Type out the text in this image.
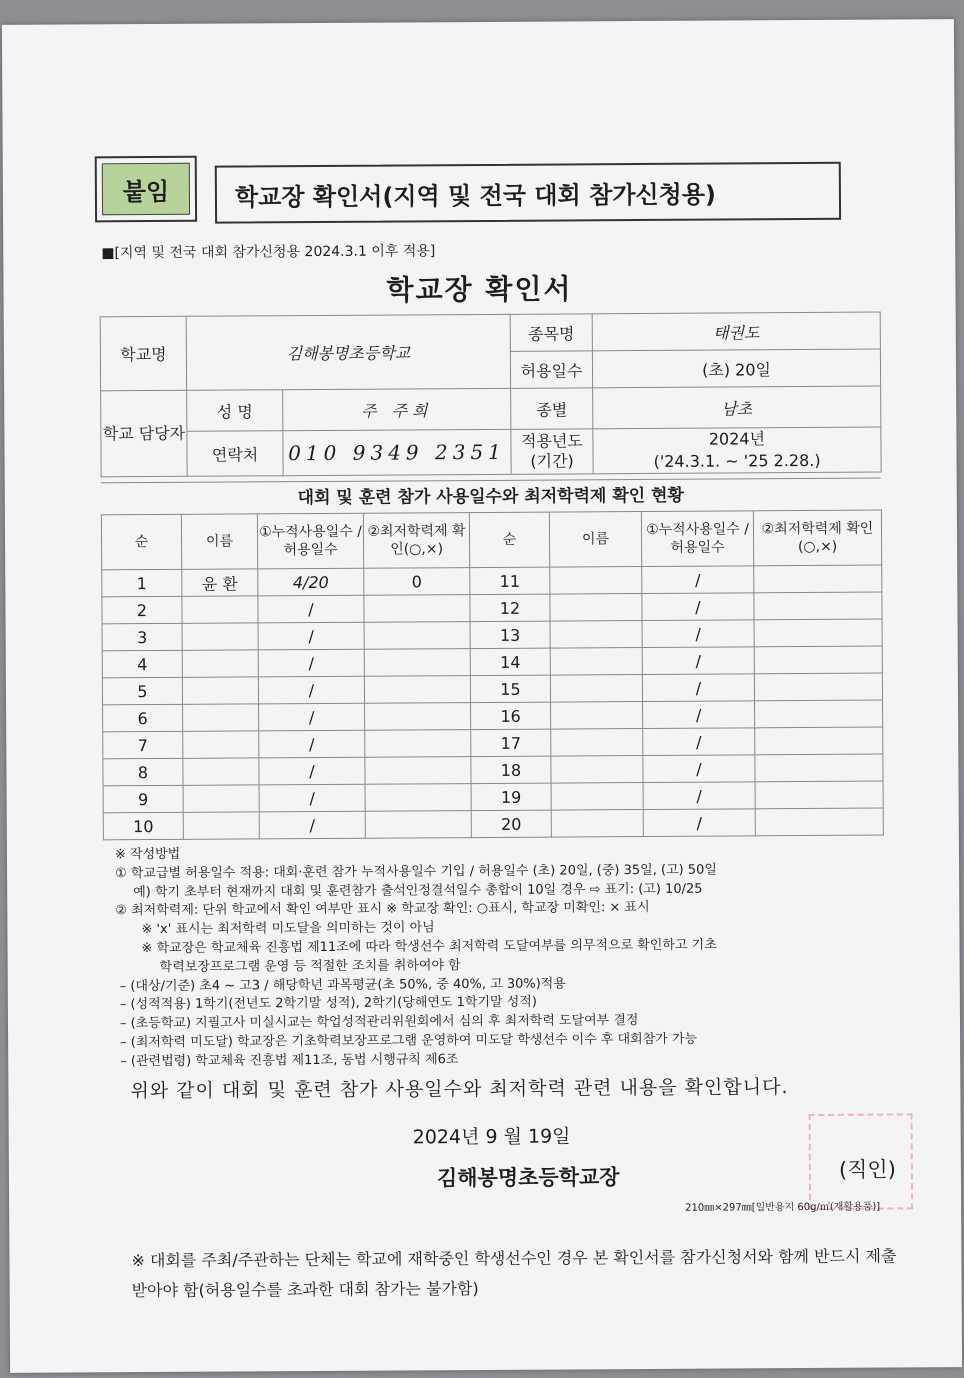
붙임	학교장 확인서(지역 및 전국 대회 참가신청용)
■[지역 및 전국 대회 참가신청용 2024.3.1 이후 적용]
학교장 확인서
학교명	김해봉명초등학교		종목명	태권도
			허용일수	(초) 20일
학교 담당자	성 명	주 주희	종별	남초
	연락처	010 9349 2351	적용년도 (기간)	2024년
('24.3.1. ~ '25 2.28.)
대회 및 훈련 참가 사용일수와 최저학력제 확인 현황
순	이름	①누적사용일수 /허용일수	②최저학력제 확인(○,×)	순	이름	①누적사용일수 /허용일수	②최저학력제 확인(○,×)
1	윤 환	4/20	0	11		/	
2		/		12		/	
3		/		13		/	
4		/		14		/	
5		/		15		/	
6		/		16		/	
7		/		17		/	
8		/		18		/	
9		/		19		/	
10		/		20		/	
※ 작성방법
① 학교급별 허용일수 적용: 대회·훈련 참가 누적사용일수 기입 / 허용일수 (초) 20일, (중) 35일, (고) 50일
예) 학기 초부터 현재까지 대회 및 훈련참가 출석인정결석일수 총합이 10일 경우 ⇨ 표기: (고) 10/25
② 최저학력제: 단위 학교에서 확인 여부만 표시 ※ 학교장 확인: ○표시, 학교장 미확인: × 표시
※ 'x' 표시는 최저학력 미도달을 의미하는 것이 아님
※ 학교장은 학교체육 진흥법 제11조에 따라 학생선수 최저학력 도달여부를 의무적으로 확인하고 기초
학력보장프로그램 운영 등 적절한 조치를 취하여야 함
– (대상/기준) 초4 ~ 고3 / 해당학년 과목평균(초 50%, 중 40%, 고 30%)적용
– (성적적용) 1학기(전년도 2학기말 성적), 2학기(당해연도 1학기말 성적)
– (초등학교) 지필고사 미실시교는 학업성적관리위원회에서 심의 후 최저학력 도달여부 결정
– (최저학력 미도달) 학교장은 기초학력보장프로그램 운영하여 미도달 학생선수 이수 후 대회참가 가능
– (관련법령) 학교체육 진흥법 제11조, 동법 시행규칙 제6조
위와 같이 대회 및 훈련 참가 사용일수와 최저학력 관련 내용을 확인합니다.
2024년 9 월 19일
김해봉명초등학교장	(직인)
210㎜×297㎜[일반용지 60g/㎡(재활용품)]
※ 대회를 주최/주관하는 단체는 학교에 재학중인 학생선수인 경우 본 확인서를 참가신청서와 함께 반드시 제출받아야 함(허용일수를 초과한 대회 참가는 불가함)
